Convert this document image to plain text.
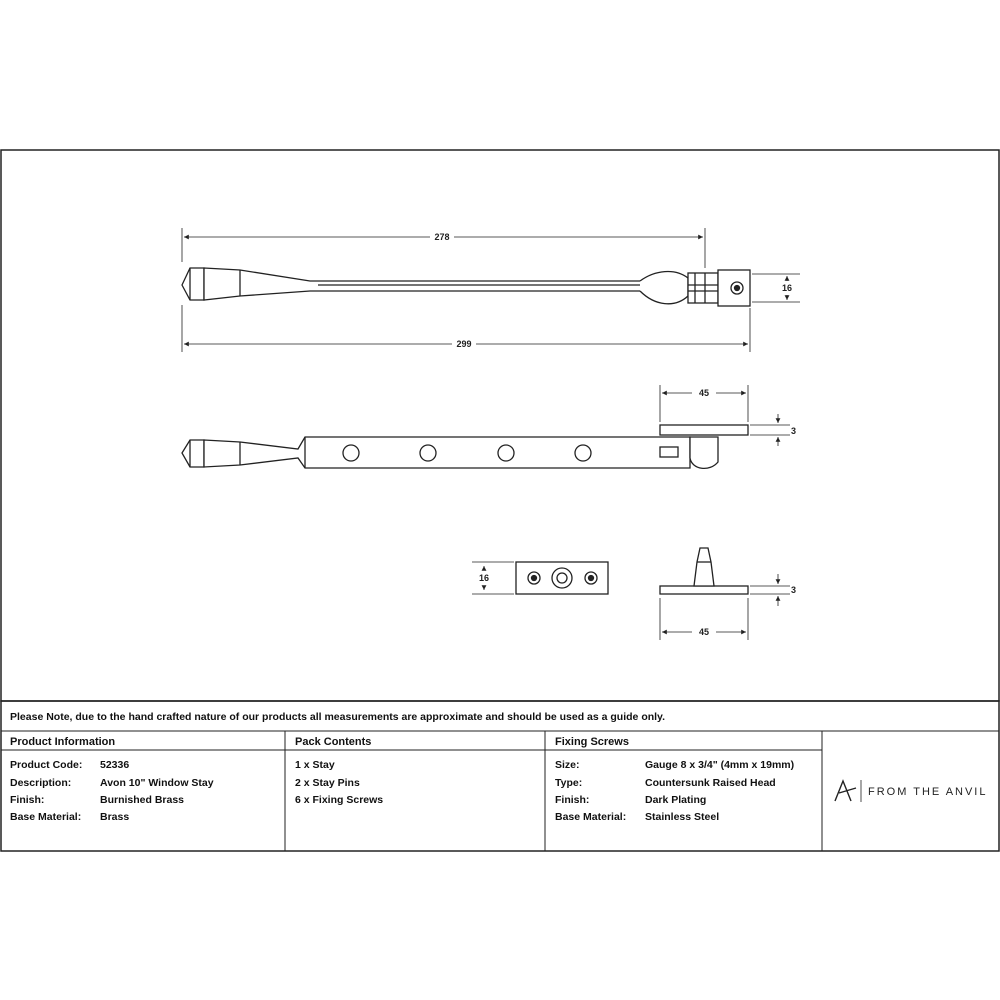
278
299
16
45
3
16
3
45
Please Note, due to the hand crafted nature of our products all measurements are approximate and should be used as a guide only.
Product Information
Product Code: 52336
Description:	Avon 10" Window Stay
Finish:	Burnished Brass
Base Material: Brass
Pack Contents
1 x Stay
2 x Stay Pins
6 x Fixing Screws
Fixing Screws
Size:	Gauge 8 x 3/4" (4mm x 19mm)
Type:	Countersunk Raised Head
Finish:	Dark Plating
Base Material: Stainless Steel
FROM THE ANVIL
